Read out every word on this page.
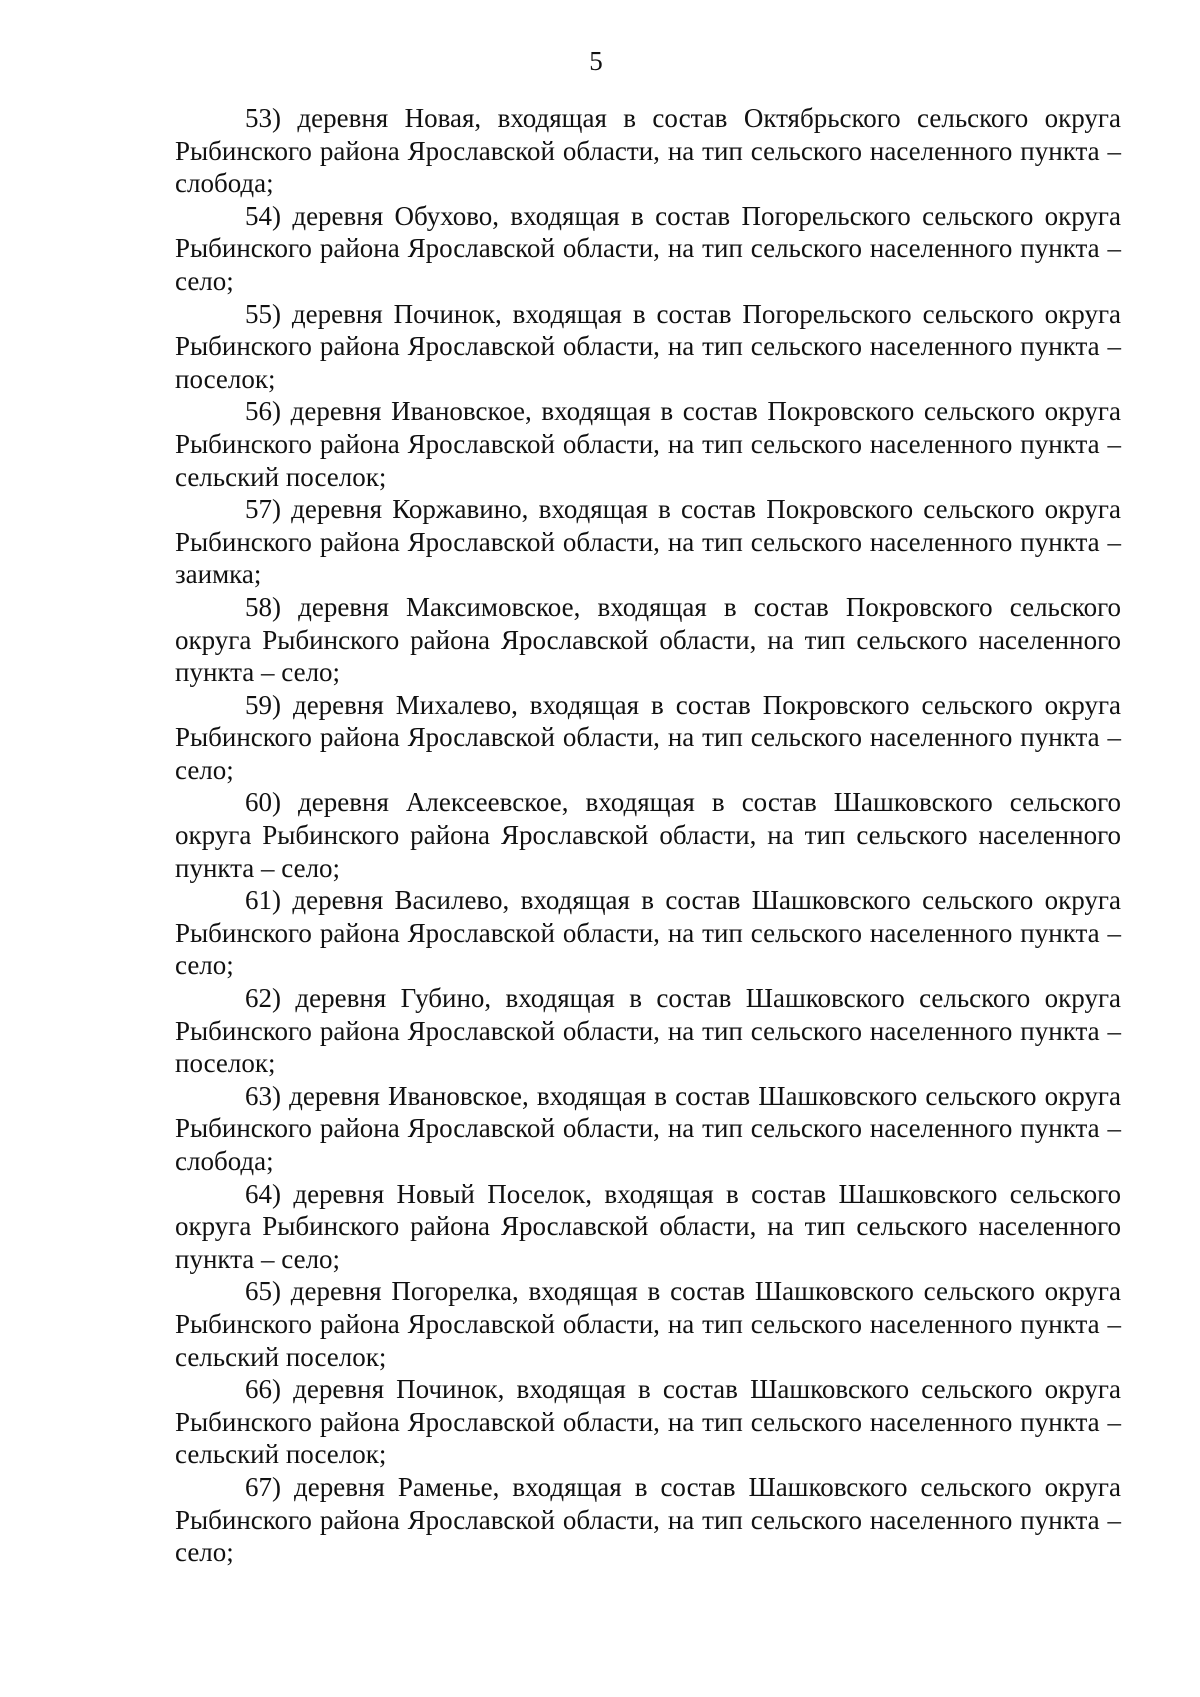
5

53) деревня Новая, входящая в состав Октябрьского сельского округа Рыбинского района Ярославской области, на тип сельского населенного пункта – слобода;

54) деревня Обухово, входящая в состав Погорельского сельского округа Рыбинского района Ярославской области, на тип сельского населенного пункта – село;

55) деревня Починок, входящая в состав Погорельского сельского округа Рыбинского района Ярославской области, на тип сельского населенного пункта – поселок;

56) деревня Ивановское, входящая в состав Покровского сельского округа Рыбинского района Ярославской области, на тип сельского населенного пункта – сельский поселок;

57) деревня Коржавино, входящая в состав Покровского сельского округа Рыбинского района Ярославской области, на тип сельского населенного пункта – заимка;

58) деревня Максимовское, входящая в состав Покровского сельского округа Рыбинского района Ярославской области, на тип сельского населенного пункта – село;

59) деревня Михалево, входящая в состав Покровского сельского округа Рыбинского района Ярославской области, на тип сельского населенного пункта – село;

60) деревня Алексеевское, входящая в состав Шашковского сельского округа Рыбинского района Ярославской области, на тип сельского населенного пункта – село;

61) деревня Василево, входящая в состав Шашковского сельского округа Рыбинского района Ярославской области, на тип сельского населенного пункта – село;

62) деревня Губино, входящая в состав Шашковского сельского округа Рыбинского района Ярославской области, на тип сельского населенного пункта – поселок;

63) деревня Ивановское, входящая в состав Шашковского сельского округа Рыбинского района Ярославской области, на тип сельского населенного пункта – слобода;

64) деревня Новый Поселок, входящая в состав Шашковского сельского округа Рыбинского района Ярославской области, на тип сельского населенного пункта – село;

65) деревня Погорелка, входящая в состав Шашковского сельского округа Рыбинского района Ярославской области, на тип сельского населенного пункта – сельский поселок;

66) деревня Починок, входящая в состав Шашковского сельского округа Рыбинского района Ярославской области, на тип сельского населенного пункта – сельский поселок;

67) деревня Раменье, входящая в состав Шашковского сельского округа Рыбинского района Ярославской области, на тип сельского населенного пункта – село;
